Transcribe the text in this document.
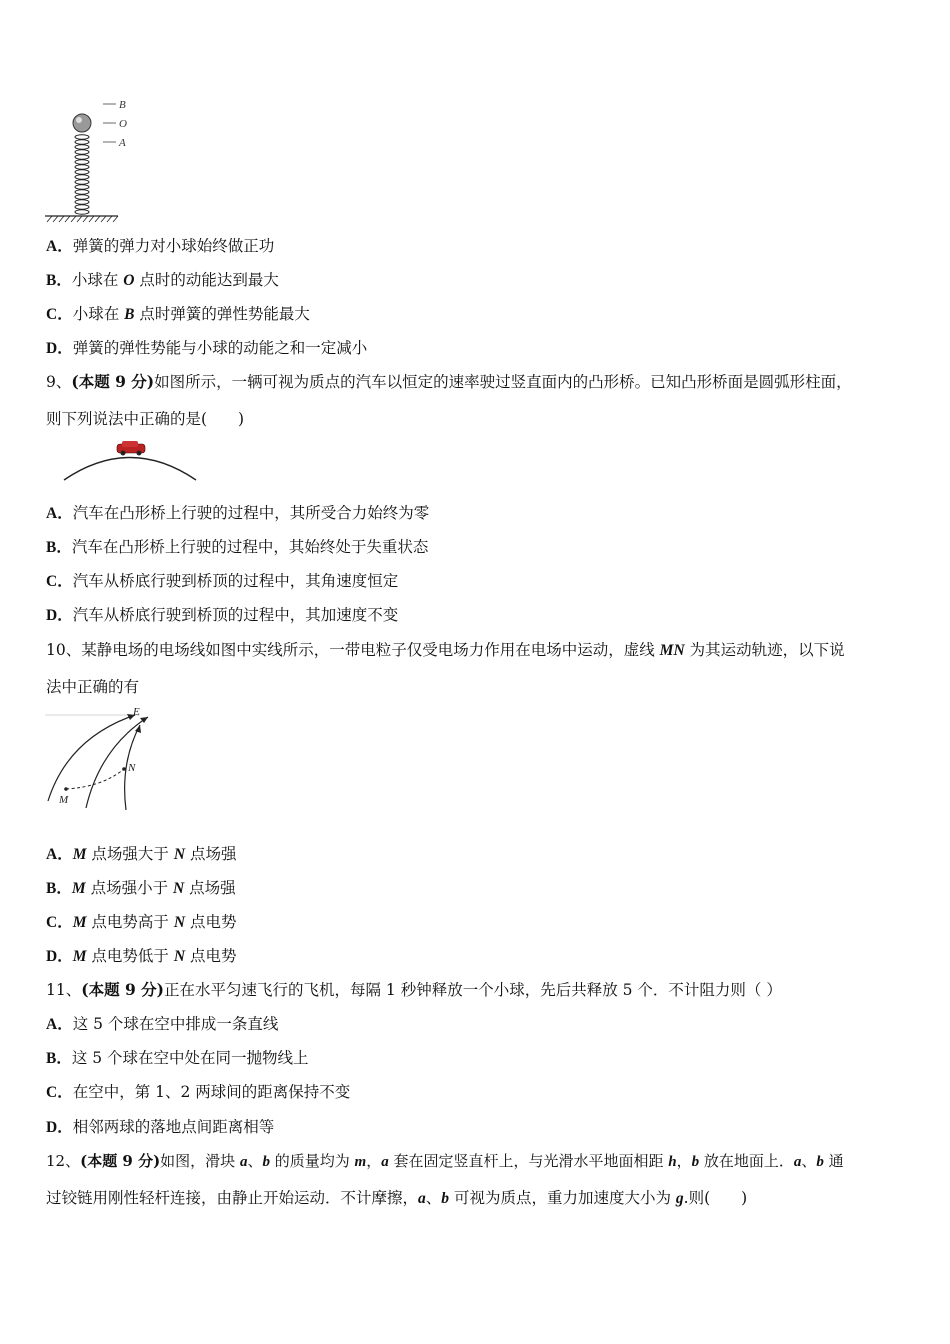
B
O
A
A．弹簧的弹力对小球始终做正功
B．小球在 O 点时的动能达到最大
C．小球在 B 点时弹簧的弹性势能最大
D．弹簧的弹性势能与小球的动能之和一定减小
9、(本题 9 分)如图所示，一辆可视为质点的汽车以恒定的速率驶过竖直面内的凸形桥。已知凸形桥面是圆弧形柱面，
则下列说法中正确的是(　　)
A．汽车在凸形桥上行驶的过程中，其所受合力始终为零
B．汽车在凸形桥上行驶的过程中，其始终处于失重状态
C．汽车从桥底行驶到桥顶的过程中，其角速度恒定
D．汽车从桥底行驶到桥顶的过程中，其加速度不变
10、某静电场的电场线如图中实线所示，一带电粒子仅受电场力作用在电场中运动，虚线 MN 为其运动轨迹，以下说
法中正确的有
E
N
M
A．M 点场强大于 N 点场强
B．M 点场强小于 N 点场强
C．M 点电势高于 N 点电势
D．M 点电势低于 N 点电势
11、(本题 9 分)正在水平匀速飞行的飞机，每隔 1 秒钟释放一个小球，先后共释放 5 个．不计阻力则（ ）
A．这 5 个球在空中排成一条直线
B．这 5 个球在空中处在同一抛物线上
C．在空中，第 1、2 两球间的距离保持不变
D．相邻两球的落地点间距离相等
12、(本题 9 分)如图，滑块 a、b 的质量均为 m，a 套在固定竖直杆上，与光滑水平地面相距 h，b 放在地面上．a、b 通
过铰链用刚性轻杆连接，由静止开始运动．不计摩擦，a、b 可视为质点，重力加速度大小为 g.则(　　)
